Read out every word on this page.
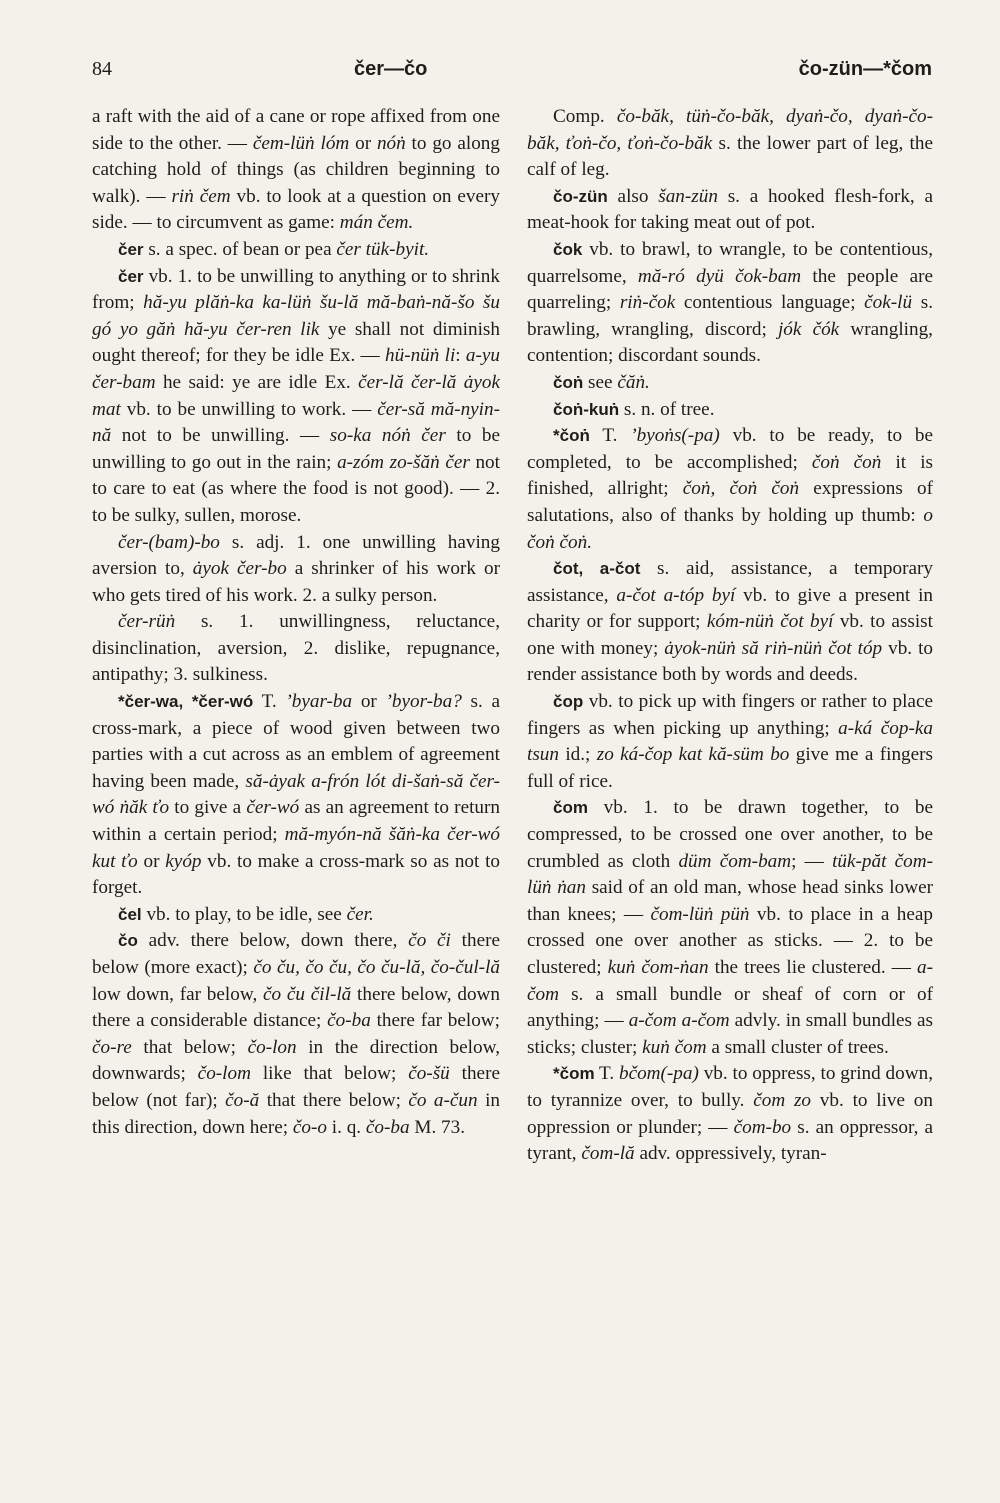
84	čer—čo	čo-zün—*čom

a raft with the aid of a cane or rope affixed from one side to the other. — čem-lüṅ lóm or nóṅ to go along catching hold of things (as children beginning to walk). — riṅ čem vb. to look at a question on every side. — to circumvent as game: mán čem.

čer s. a spec. of bean or pea čer tük-byit.

čer vb. 1. to be unwilling to anything or to shrink from; hă-yu plăṅ-ka ka-lüṅ šu-lă mă-baṅ-nă-šo šu gó yo găṅ hă-yu čer-ren lik ye shall not diminish ought thereof; for they be idle Ex. — hü-nüṅ li: a-yu čer-bam he said: ye are idle Ex. čer-lă čer-lă ȧyok mat vb. to be unwilling to work. — čer-să mă-nyin-nă not to be unwilling. — so-ka nóṅ čer to be unwilling to go out in the rain; a-zóm zo-šăṅ čer not to care to eat (as where the food is not good). — 2. to be sulky, sullen, morose.

čer-(bam)-bo s. adj. 1. one unwilling having aversion to, ȧyok čer-bo a shrinker of his work or who gets tired of his work. 2. a sulky person.

čer-rüṅ s. 1. unwillingness, reluctance, disinclination, aversion, 2. dislike, repugnance, antipathy; 3. sulkiness.

*čer-wa, *čer-wó T. ’byar-ba or ’byor-ba? s. a cross-mark, a piece of wood given between two parties with a cut across as an emblem of agreement having been made, să-ȧyak a-frón lót di-šaṅ-să čer-wó ṅăk ťo to give a čer-wó as an agreement to return within a certain period; mă-myón-nă šăṅ-ka čer-wó kut ťo or kyóp vb. to make a cross-mark so as not to forget.

čel vb. to play, to be idle, see čer.

čo adv. there below, down there, čo či there below (more exact); čo ču, čo ču, čo ču-lă, čo-čul-lă low down, far below, čo ču čil-lă there below, down there a considerable distance; čo-ba there far below; čo-re that below; čo-lon in the direction below, downwards; čo-lom like that below; čo-šü there below (not far); čo-ă that there below; čo a-čun in this direction, down here; čo-o i. q. čo-ba M. 73.

Comp. čo-băk, tüṅ-čo-băk, dyaṅ-čo, dyaṅ-čo-băk, ťoṅ-čo, ťoṅ-čo-băk s. the lower part of leg, the calf of leg.

čo-zün also šan-zün s. a hooked flesh-fork, a meat-hook for taking meat out of pot.

čok vb. to brawl, to wrangle, to be contentious, quarrelsome, mă-ró dyü čok-bam the people are quarreling; riṅ-čok contentious language; čok-lü s. brawling, wrangling, discord; jók čók wrangling, contention; discordant sounds.

čoṅ see čăṅ.

čoṅ-kuṅ s. n. of tree.

*čoṅ T. ’byoṅs(-pa) vb. to be ready, to be completed, to be accomplished; čoṅ čoṅ it is finished, allright; čoṅ, čoṅ čoṅ expressions of salutations, also of thanks by holding up thumb: o čoṅ čoṅ.

čot, a-čot s. aid, assistance, a temporary assistance, a-čot a-tóp byí vb. to give a present in charity or for support; kóm-nüṅ čot byí vb. to assist one with money; ȧyok-nüṅ să riṅ-nüṅ čot tóp vb. to render assistance both by words and deeds.

čop vb. to pick up with fingers or rather to place fingers as when picking up anything; a-ká čop-ka tsun id.; zo ká-čop kat kă-süm bo give me a fingers full of rice.

čom vb. 1. to be drawn together, to be compressed, to be crossed one over another, to be crumbled as cloth düm čom-bam; — tük-păt čom-lüṅ ṅan said of an old man, whose head sinks lower than knees; — čom-lüṅ püṅ vb. to place in a heap crossed one over another as sticks. — 2. to be clustered; kuṅ čom-ṅan the trees lie clustered. — a-čom s. a small bundle or sheaf of corn or of anything; — a-čom a-čom advly. in small bundles as sticks; cluster; kuṅ čom a small cluster of trees.

*čom T. bčom(-pa) vb. to oppress, to grind down, to tyrannize over, to bully. čom zo vb. to live on oppression or plunder; — čom-bo s. an oppressor, a tyrant, čom-lă adv. oppressively, tyran-
